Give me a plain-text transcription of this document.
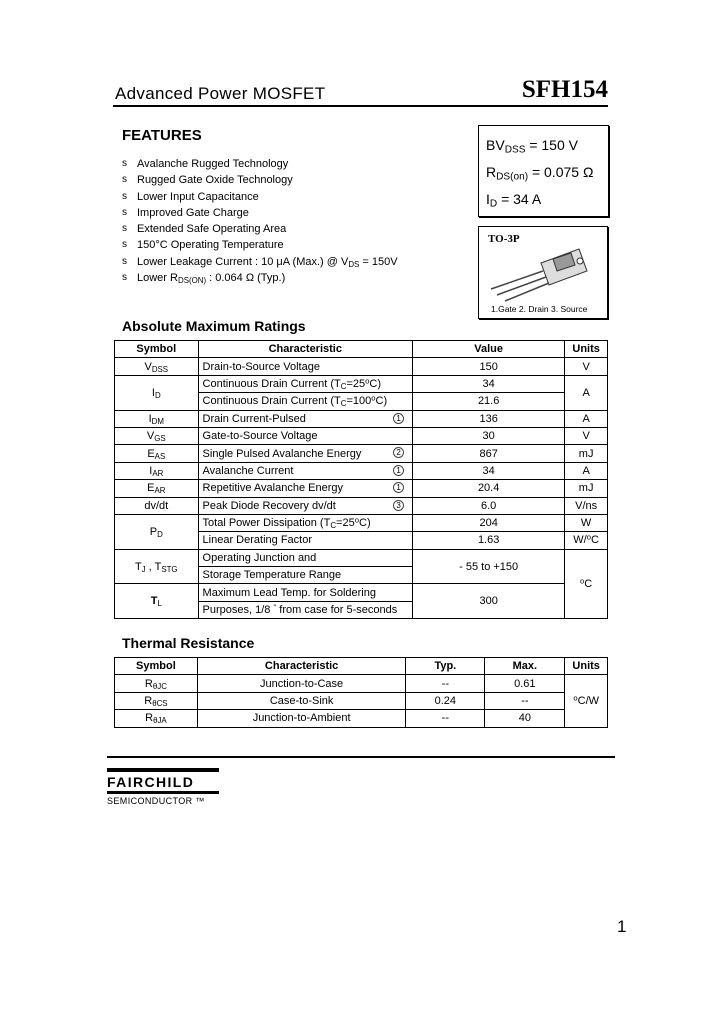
Advanced Power MOSFET	SFH154
FEATURES
s Avalanche Rugged Technology
s Rugged Gate Oxide Technology
s Lower Input Capacitance
s Improved Gate Charge
s Extended Safe Operating Area
s 150°C Operating Temperature
s Lower Leakage Current : 10 μA (Max.) @ $V_{DS} = 150V$
s Lower $R_{DS(ON)}$ : 0.064 Ω (Typ.)
$BV_{DSS} = 150$ V
$R_{DS(on)} = 0.075$ Ω
$I_D = 34$ A
TO-3P
1.Gate 2. Drain 3. Source
Absolute Maximum Ratings
Symbol	Characteristic	Value	Units
$V_{DSS}$	Drain-to-Source Voltage	150	V
$I_D$	Continuous Drain Current $(T_C=25^oC)$	34	A
	Continuous Drain Current $(T_C=100^oC)$	21.6	
$I_{DM}$	Drain Current-Pulsed 1	136	A
$V_{GS}$	Gate-to-Source Voltage	30	V
$E_{AS}$	Single Pulsed Avalanche Energy 2	867	mJ
$I_{AR}$	Avalanche Current 1	34	A
$E_{AR}$	Repetitive Avalanche Energy 1	20.4	mJ
dv/dt	Peak Diode Recovery dv/dt 3	6.0	V/ns
$P_D$	Total Power Dissipation $(T_C=25^oC)$	204	W
	Linear Derating Factor	1.63	W/$^o$C
$T_J$ , $T_{STG}$	Operating Junction and	- 55 to +150	$^o$C
	Storage Temperature Range		
$T_L$	Maximum Lead Temp. for Soldering	300	
	Purposes, 1/8 " from case for 5-seconds		
Thermal Resistance
Symbol	Characteristic	Typ.	Max.	Units
$R_{\theta JC}$	Junction-to-Case	--	0.61	$^o$C/W
$R_{\theta CS}$	Case-to-Sink	0.24	--	
$R_{\theta JA}$	Junction-to-Ambient	--	40	
FAIRCHILD
SEMICONDUCTOR ™
1
